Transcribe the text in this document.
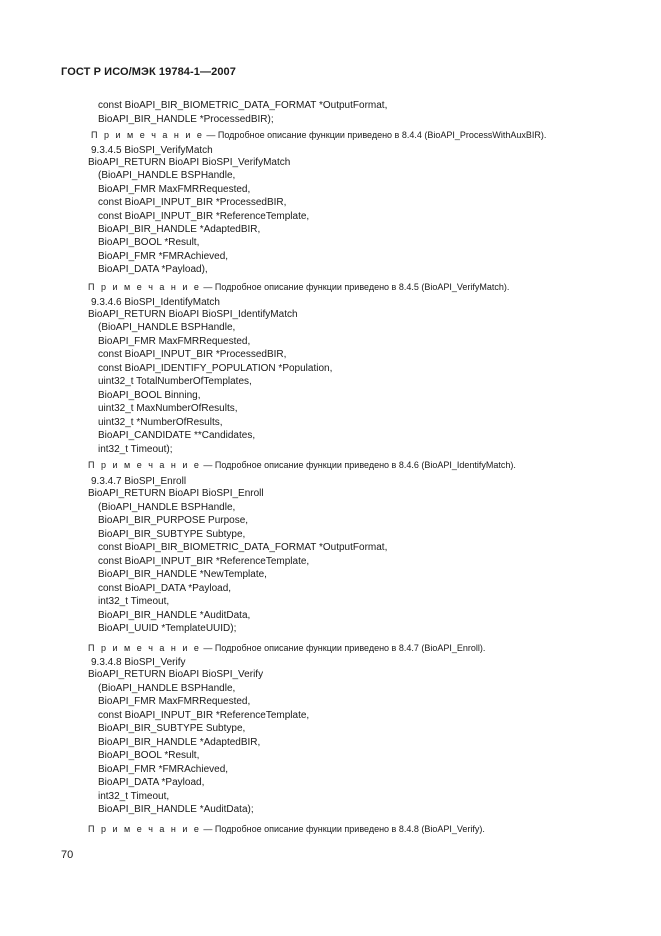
ГОСТ Р ИСО/МЭК 19784-1—2007
const BioAPI_BIR_BIOMETRIC_DATA_FORMAT *OutputFormat,
BioAPI_BIR_HANDLE *ProcessedBIR);
П р и м е ч а н и е — Подробное описание функции приведено в 8.4.4 (BioAPI_ProcessWithAuxBIR).
9.3.4.5 BioSPI_VerifyMatch
BioAPI_RETURN BioAPI BioSPI_VerifyMatch
(BioAPI_HANDLE BSPHandle,
BioAPI_FMR MaxFMRRequested,
const BioAPI_INPUT_BIR *ProcessedBIR,
const BioAPI_INPUT_BIR *ReferenceTemplate,
BioAPI_BIR_HANDLE *AdaptedBIR,
BioAPI_BOOL *Result,
BioAPI_FMR *FMRAchieved,
BioAPI_DATA *Payload),
П р и м е ч а н и е — Подробное описание функции приведено в 8.4.5 (BioAPI_VerifyMatch).
9.3.4.6 BioSPI_IdentifyMatch
BioAPI_RETURN BioAPI BioSPI_IdentifyMatch
(BioAPI_HANDLE BSPHandle,
BioAPI_FMR MaxFMRRequested,
const BioAPI_INPUT_BIR *ProcessedBIR,
const BioAPI_IDENTIFY_POPULATION *Population,
uint32_t TotalNumberOfTemplates,
BioAPI_BOOL Binning,
uint32_t MaxNumberOfResults,
uint32_t *NumberOfResults,
BioAPI_CANDIDATE **Candidates,
int32_t Timeout);
П р и м е ч а н и е — Подробное описание функции приведено в 8.4.6 (BioAPI_IdentifyMatch).
9.3.4.7 BioSPI_Enroll
BioAPI_RETURN BioAPI BioSPI_Enroll
(BioAPI_HANDLE BSPHandle,
BioAPI_BIR_PURPOSE Purpose,
BioAPI_BIR_SUBTYPE Subtype,
const BioAPI_BIR_BIOMETRIC_DATA_FORMAT *OutputFormat,
const BioAPI_INPUT_BIR *ReferenceTemplate,
BioAPI_BIR_HANDLE *NewTemplate,
const BioAPI_DATA *Payload,
int32_t Timeout,
BioAPI_BIR_HANDLE *AuditData,
BioAPI_UUID *TemplateUUID);
П р и м е ч а н и е — Подробное описание функции приведено в 8.4.7 (BioAPI_Enroll).
9.3.4.8 BioSPI_Verify
BioAPI_RETURN BioAPI BioSPI_Verify
(BioAPI_HANDLE BSPHandle,
BioAPI_FMR MaxFMRRequested,
const BioAPI_INPUT_BIR *ReferenceTemplate,
BioAPI_BIR_SUBTYPE Subtype,
BioAPI_BIR_HANDLE *AdaptedBIR,
BioAPI_BOOL *Result,
BioAPI_FMR *FMRAchieved,
BioAPI_DATA *Payload,
int32_t Timeout,
BioAPI_BIR_HANDLE *AuditData);
П р и м е ч а н и е — Подробное описание функции приведено в 8.4.8 (BioAPI_Verify).
70
